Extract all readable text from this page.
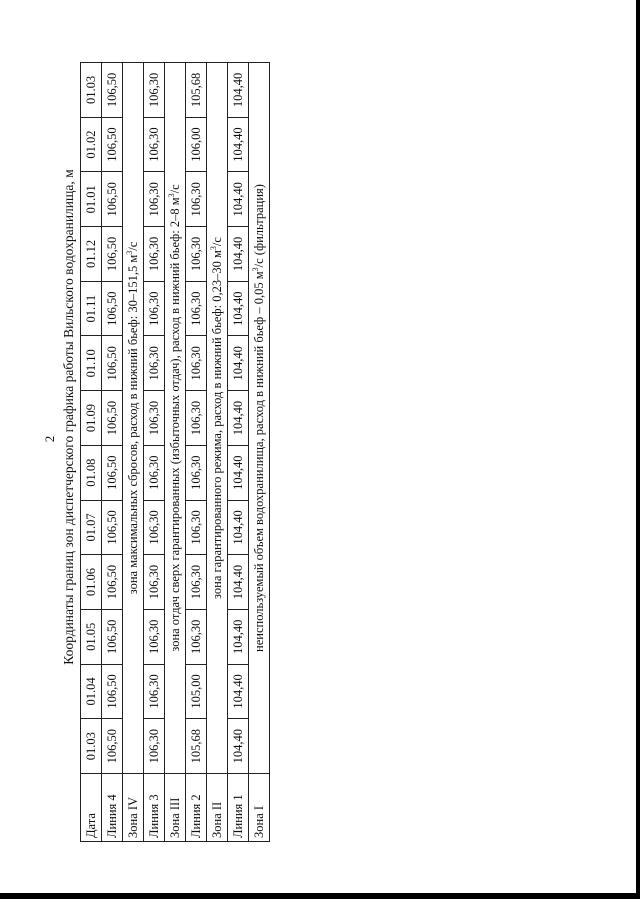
2 Координаты границ зон диспетчерского графика работы Вильского водохранилища, м
Дата	01.03	01.04	01.05	01.06	01.07	01.08	01.09	01.10	01.11	01.12	01.01	01.02	01.03
Линия 4	106,50	106,50	106,50	106,50	106,50	106,50	106,50	106,50	106,50	106,50	106,50	106,50	106,50
Зона IV	зона максимальных сбросов, расход в нижний бьеф: 30–151,5 $м^3/с$												
Линия 3	106,30	106,30	106,30	106,30	106,30	106,30	106,30	106,30	106,30	106,30	106,30	106,30	106,30
Зона III	зона отдач сверх гарантированных (избыточных отдач), расход в нижний бьеф: 2–8 $м^3/с$												
Линия 2	105,68	105,00	106,30	106,30	106,30	106,30	106,30	106,30	106,30	106,30	106,30	106,00	105,68
Зона II	зона гарантированного режима, расход в нижний бьеф: 0,23–30 $м^3/с$												
Линия 1	104,40	104,40	104,40	104,40	104,40	104,40	104,40	104,40	104,40	104,40	104,40	104,40	104,40
Зона I	неиспользуемый объем водохранилища, расход в нижний бьеф – 0,05 $м^3/с$ (фильтрация)												
